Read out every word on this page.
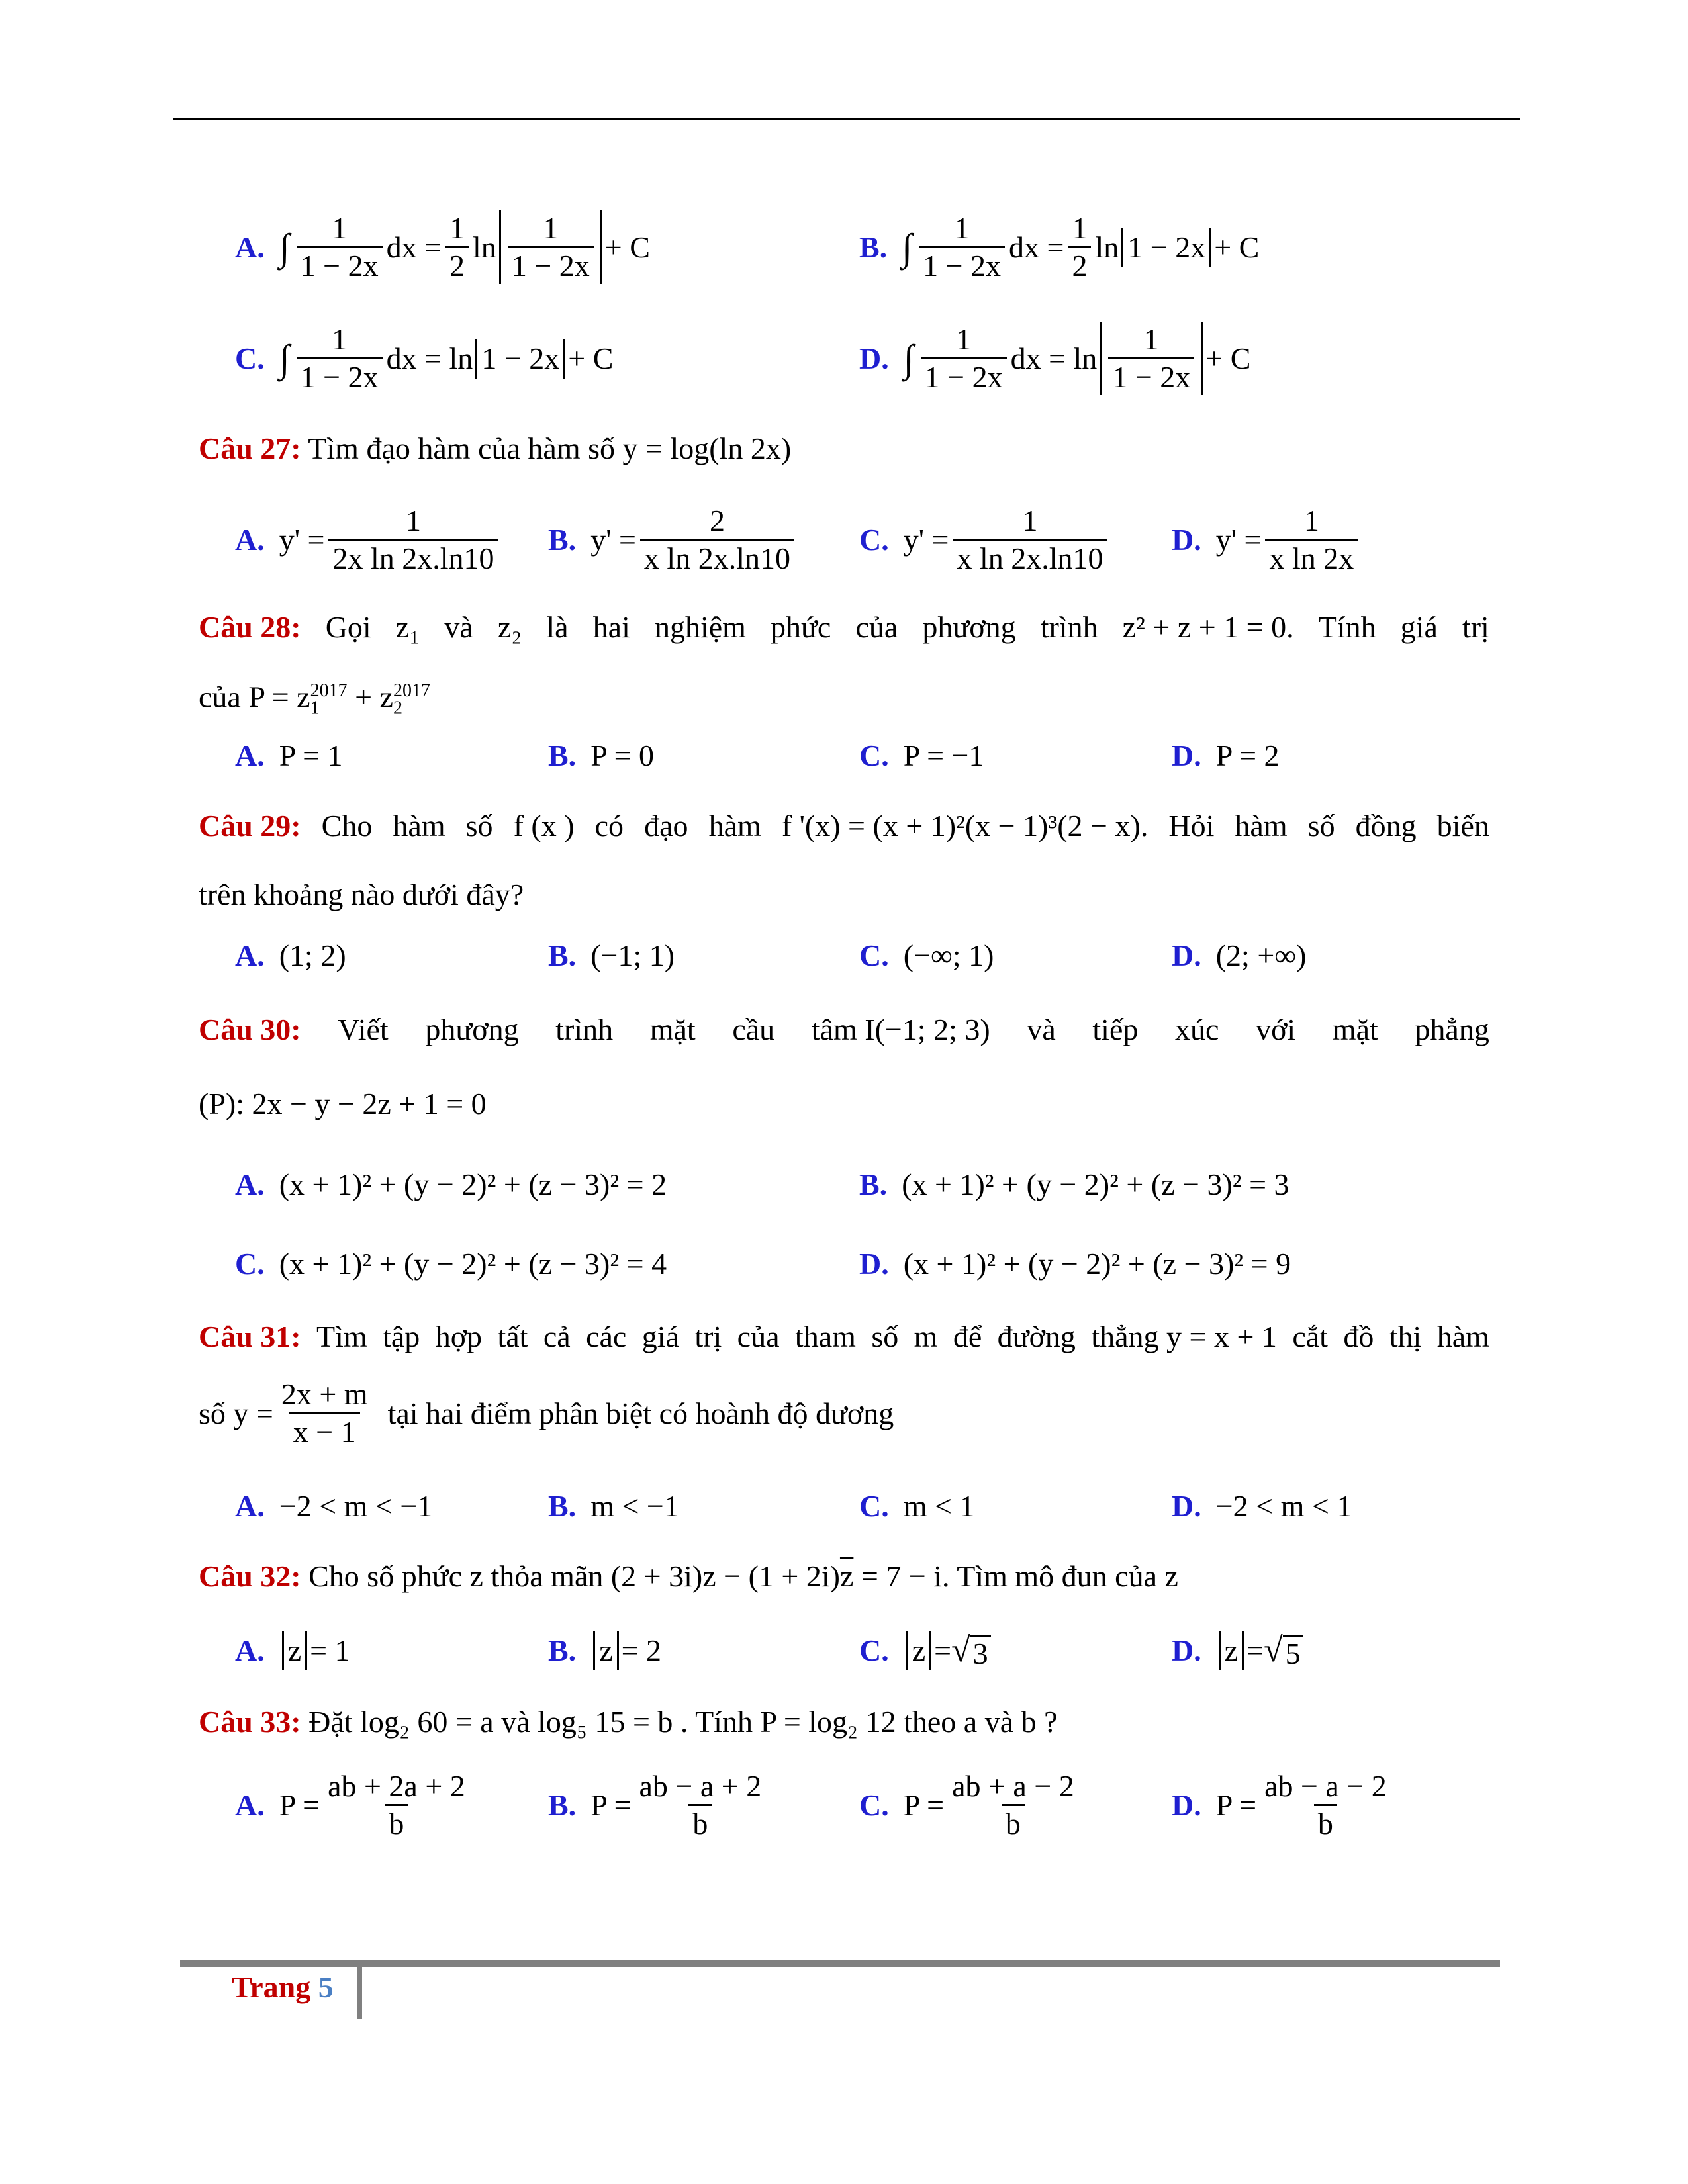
A. ∫ $\frac{1}{1 - 2x}$ dx = $\frac{1}{2}$ $\ln \frac{1}{1 - 2x} + C$	B. ∫ $\frac{1}{1 - 2x}$ dx = $\frac{1}{2}$ ln 1 − 2x + C
C. ∫ $\frac{1}{1 - 2x}$ dx = ln 1 − 2x + C	D. ∫ $\frac{1}{1 - 2x}$ dx = $\ln \frac{1}{1 - 2x} + C$
Câu 27: Tìm đạo hàm của hàm số y = log(ln 2x)
A. $y' = \frac{1}{\text{2x ln 2x.ln10}} B$. $y' = \frac{2}{\text{x ln 2x.ln10}} C$. $y' = \frac{1}{\text{x ln 2x.ln10}} D$. $y' = \frac{1}{\text{x ln 2x}}$
Câu 28: Gọi z₁ và z₂ là hai nghiệm phức của phương trình z² + z + 1 = 0. Tính giá trị
của $P = z_1^{2017} + z_2^{2017}$
A. P = 1	B. P = 0	C. P = −1	D. P = 2
Câu 29: Cho hàm số f (x ) có đạo hàm f '(x) = (x + 1)²(x − 1)³(2 − x). Hỏi hàm số đồng biến
trên khoảng nào dưới đây?
A. (1; 2)	B. (−1; 1)	C. (−∞; 1)	D. (2; +∞)
Câu 30: Viết phương trình mặt cầu tâm I(−1; 2; 3) và tiếp xúc với mặt phẳng
(P): 2x − y − 2z + 1 = 0
A. (x + 1)² + (y − 2)² + (z − 3)² = 2	B. (x + 1)² + (y − 2)² + (z − 3)² = 3
C. (x + 1)² + (y − 2)² + (z − 3)² = 4	D. (x + 1)² + (y − 2)² + (z − 3)² = 9
Câu 31: Tìm tập hợp tất cả các giá trị của tham số m để đường thẳng y = x + 1 cắt đồ thị hàm
số $y = \frac{2x + m}{x - 1}$ tại hai điểm phân biệt có hoành độ dương
A. −2 < m < −1	B. m < −1	C. m < 1	D. −2 < m < 1
Câu 32: Cho số phức z thỏa mãn $(2 + 3i)z - (1 + 2i)\overline{z} = 7 - i$. Tìm mô đun của z
A. z = 1	B. z = 2	C. z = √ 3	D. z = √ 5
Câu 33: Đặt log₂ 60 = a và log₅ 15 = b . Tính P = log₂ 12 theo a và b ?
A. $P = \frac{ab + 2a + 2}{b}$	B. $P = \frac{ab - a + 2}{b}$	C. $P = \frac{ab + a - 2}{b}$	D. $P = \frac{ab - a - 2}{b}$
Trang 5
